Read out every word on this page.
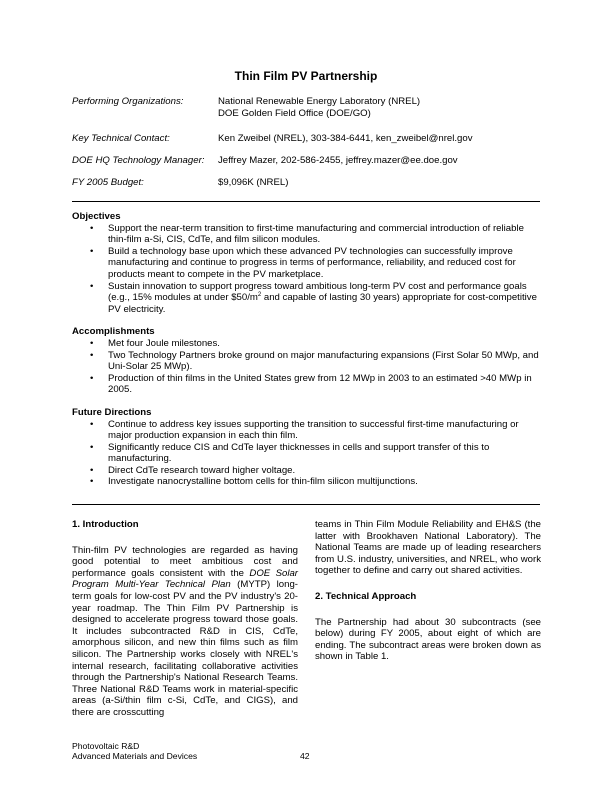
Thin Film PV Partnership
Performing Organizations:	National Renewable Energy Laboratory (NREL)
DOE Golden Field Office (DOE/GO)
Key Technical Contact:	Ken Zweibel (NREL), 303-384-6441, ken_zweibel@nrel.gov
DOE HQ Technology Manager: Jeffrey Mazer, 202-586-2455, jeffrey.mazer@ee.doe.gov
FY 2005 Budget:	$9,096K (NREL)
Objectives
• Support the near-term transition to first-time manufacturing and commercial introduction of reliable thin-film a-Si, CIS, CdTe, and film silicon modules.
• Build a technology base upon which these advanced PV technologies can successfully improve manufacturing and continue to progress in terms of performance, reliability, and reduced cost for products meant to compete in the PV marketplace.
• Sustain innovation to support progress toward ambitious long-term PV cost and performance goals (e.g., 15% modules at under $\$50/m^2$ and capable of lasting 30 years) appropriate for cost-competitive PV electricity.
Accomplishments
• Met four Joule milestones.
• Two Technology Partners broke ground on major manufacturing expansions (First Solar 50 MWp, and Uni-Solar 25 MWp).
• Production of thin films in the United States grew from 12 MWp in 2003 to an estimated >40 MWp in 2005.
Future Directions
• Continue to address key issues supporting the transition to successful first-time manufacturing or major production expansion in each thin film.
• Significantly reduce CIS and CdTe layer thicknesses in cells and support transfer of this to manufacturing.
• Direct CdTe research toward higher voltage.
• Investigate nanocrystalline bottom cells for thin-film silicon multijunctions.
1. Introduction

Thin-film PV technologies are regarded as having good potential to meet ambitious cost and performance goals consistent with the DOE Solar Program Multi-Year Technical Plan (MYTP) long-term goals for low-cost PV and the PV industry's 20-year roadmap. The Thin Film PV Partnership is designed to accelerate progress toward those goals. It includes subcontracted R&D in CIS, CdTe, amorphous silicon, and new thin films such as film silicon. The Partnership works closely with NREL's internal research, facilitating collaborative activities through the Partnership's National Research Teams. Three National R&D Teams work in material-specific areas (a-Si/thin film c-Si, CdTe, and CIGS), and there are crosscutting

teams in Thin Film Module Reliability and EH&S (the latter with Brookhaven National Laboratory). The National Teams are made up of leading researchers from U.S. industry, universities, and NREL, who work together to define and carry out shared activities.

2. Technical Approach

The Partnership had about 30 subcontracts (see below) during FY 2005, about eight of which are ending. The subcontract areas were broken down as shown in Table 1.

Photovoltaic R&D
Advanced Materials and Devices	42
